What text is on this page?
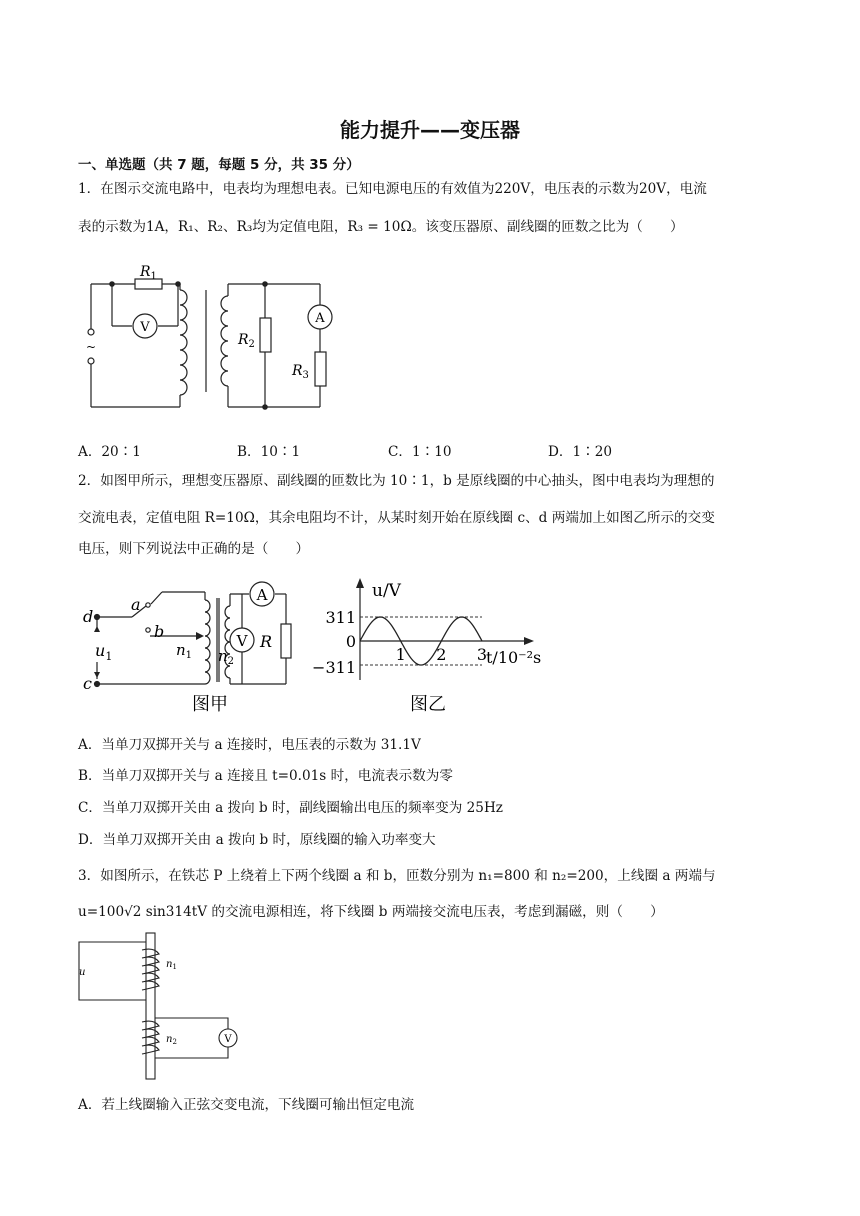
能力提升——变压器
一、单选题（共 7 题，每题 5 分，共 35 分）
1．在图示交流电路中，电表均为理想电表。已知电源电压的有效值为220V，电压表的示数为20V，电流
表的示数为1A，R₁、R₂、R₃均为定值电阻，R₃ = 10Ω。该变压器原、副线圈的匝数之比为（　　）
$R_1$
V
~	$R_2$
A
$R_3$
A．20∶1	B．10∶1	C．1∶10	D．1∶20
2．如图甲所示，理想变压器原、副线圈的匝数比为 10∶1，b 是原线圈的中心抽头，图中电表均为理想的
交流电表，定值电阻 R=10Ω，其余电阻均不计，从某时刻开始在原线圈 c、d 两端加上如图乙所示的交变
电压，则下列说法中正确的是（　　）
d
a
b
$u_1$
c
$n_1$ $n_2$
A
V R
图甲
u/V
311
0
−311
1 2 3
t/10⁻²s
图乙
A．当单刀双掷开关与 a 连接时，电压表的示数为 31.1V
B．当单刀双掷开关与 a 连接且 t=0.01s 时，电流表示数为零
C．当单刀双掷开关由 a 拨向 b 时，副线圈输出电压的频率变为 25Hz
D．当单刀双掷开关由 a 拨向 b 时，原线圈的输入功率变大
3．如图所示，在铁芯 P 上绕着上下两个线圈 a 和 b，匝数分别为 n₁=800 和 n₂=200，上线圈 a 两端与
u=100√2 sin314tV 的交流电源相连，将下线圈 b 两端接交流电压表，考虑到漏磁，则（　　）
u
$n_1$
$n_2$	V
A．若上线圈输入正弦交变电流，下线圈可输出恒定电流
